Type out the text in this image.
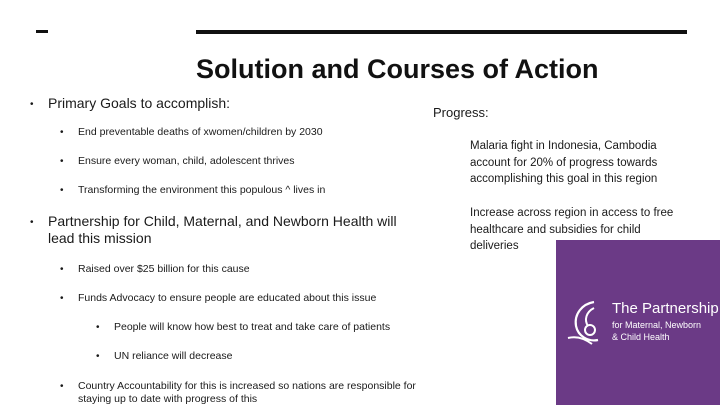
Solution and Courses of Action
• Primary Goals to accomplish:
• End preventable deaths of xwomen/children by 2030
• Ensure every woman, child, adolescent thrives
• Transforming the environment this populous ^ lives in
• Partnership for Child, Maternal, and Newborn Health will lead this mission
• Raised over $25 billion for this cause
• Funds Advocacy to ensure people are educated about this issue
• People will know how best to treat and take care of patients
• UN reliance will decrease
• Country Accountability for this is increased so nations are responsible for staying up to date with progress of this
Progress:
Malaria fight in Indonesia, Cambodia account for 20% of progress towards accomplishing this goal in this region
Increase across region in access to free healthcare and subsidies for child deliveries
The Partnership
for Maternal, Newborn
& Child Health
